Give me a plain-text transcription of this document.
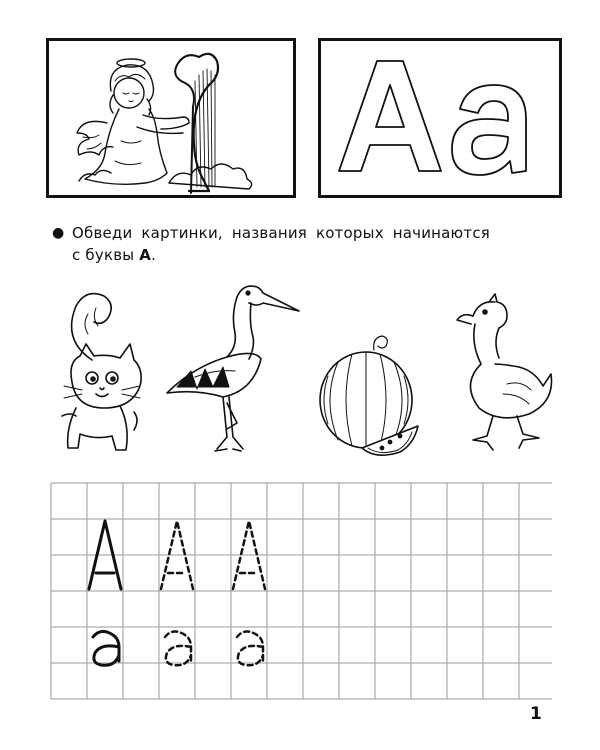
● Обведи картинки, названия которых начинаются
с буквы А.
1
